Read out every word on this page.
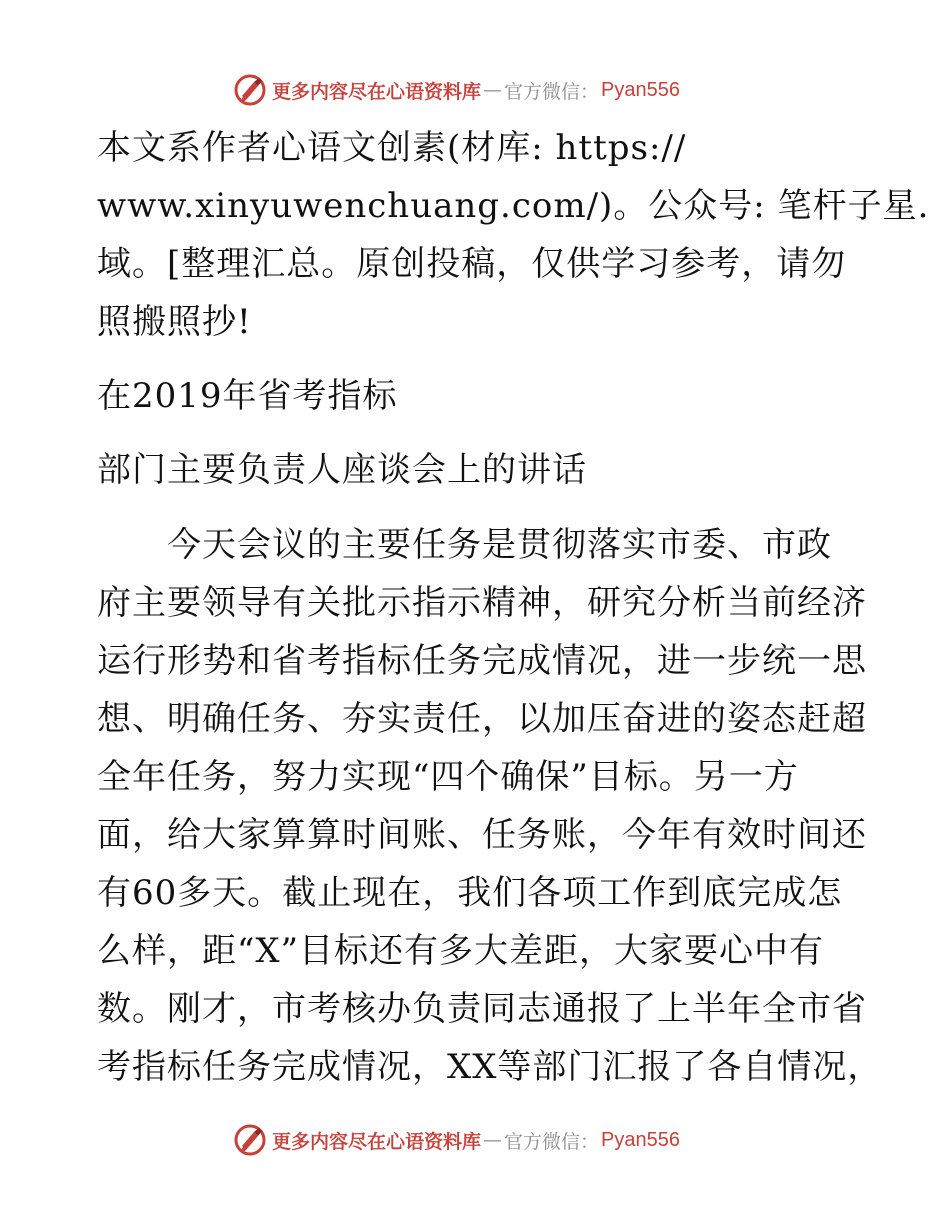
更多内容尽在心语资料库 — 官方微信： Pyan556
本文系作者心语文创素(材库: https://
www.xinyuwenchuang.com/)。公众号: 笔杆子星.
域。[整理汇总。原创投稿，仅供学习参考，请勿
照搬照抄!
在2019年省考指标
部门主要负责人座谈会上的讲话
　　今天会议的主要任务是贯彻落实市委、市政
府主要领导有关批示指示精神，研究分析当前经济
运行形势和省考指标任务完成情况，进一步统一思
想、明确任务、夯实责任，以加压奋进的姿态赶超
全年任务，努力实现“四个确保”目标。另一方
面，给大家算算时间账、任务账，今年有效时间还
有60多天。截止现在，我们各项工作到底完成怎
么样，距“X”目标还有多大差距，大家要心中有
数。刚才，市考核办负责同志通报了上半年全市省
考指标任务完成情况，XX等部门汇报了各自情况，
更多内容尽在心语资料库 — 官方微信： Pyan556
